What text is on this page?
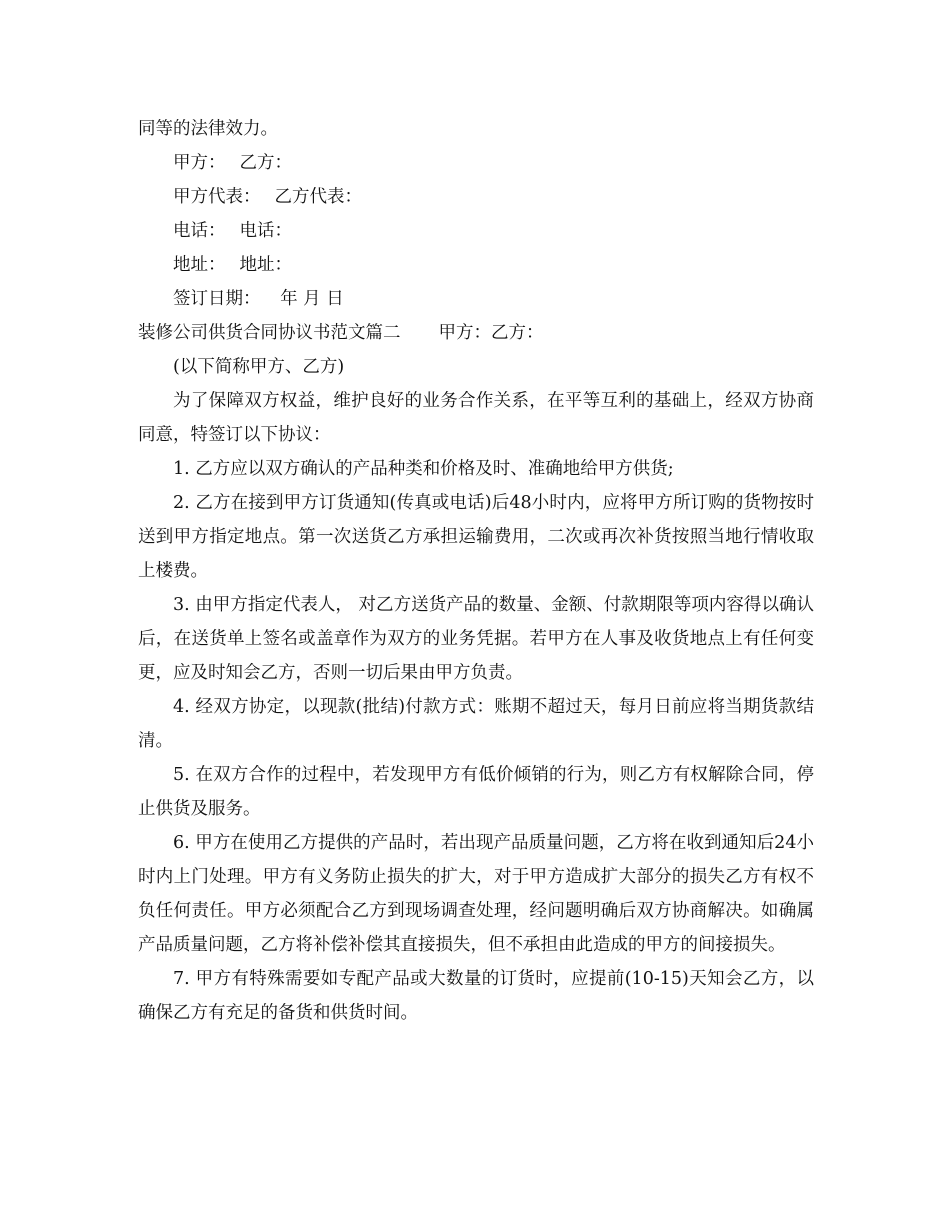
同等的法律效力。

甲方： 乙方：

甲方代表： 乙方代表：

电话： 电话：

地址： 地址：

签订日期： 年 月 日

装修公司供货合同协议书范文篇二 甲方：乙方：

(以下简称甲方、乙方)

为了保障双方权益，维护良好的业务合作关系，在平等互利的基础上，经双方协商同意，特签订以下协议：

1. 乙方应以双方确认的产品种类和价格及时、准确地给甲方供货;

2. 乙方在接到甲方订货通知(传真或电话)后48小时内，应将甲方所订购的货物按时送到甲方指定地点。第一次送货乙方承担运输费用，二次或再次补货按照当地行情收取上楼费。

3. 由甲方指定代表人， 对乙方送货产品的数量、金额、付款期限等项内容得以确认后，在送货单上签名或盖章作为双方的业务凭据。若甲方在人事及收货地点上有任何变更，应及时知会乙方，否则一切后果由甲方负责。

4. 经双方协定，以现款(批结)付款方式：账期不超过天，每月日前应将当期货款结清。

5. 在双方合作的过程中，若发现甲方有低价倾销的行为，则乙方有权解除合同，停止供货及服务。

6. 甲方在使用乙方提供的产品时，若出现产品质量问题，乙方将在收到通知后24小时内上门处理。甲方有义务防止损失的扩大，对于甲方造成扩大部分的损失乙方有权不负任何责任。甲方必须配合乙方到现场调查处理，经问题明确后双方协商解决。如确属产品质量问题，乙方将补偿补偿其直接损失，但不承担由此造成的甲方的间接损失。

7. 甲方有特殊需要如专配产品或大数量的订货时，应提前(10-15)天知会乙方，以确保乙方有充足的备货和供货时间。
